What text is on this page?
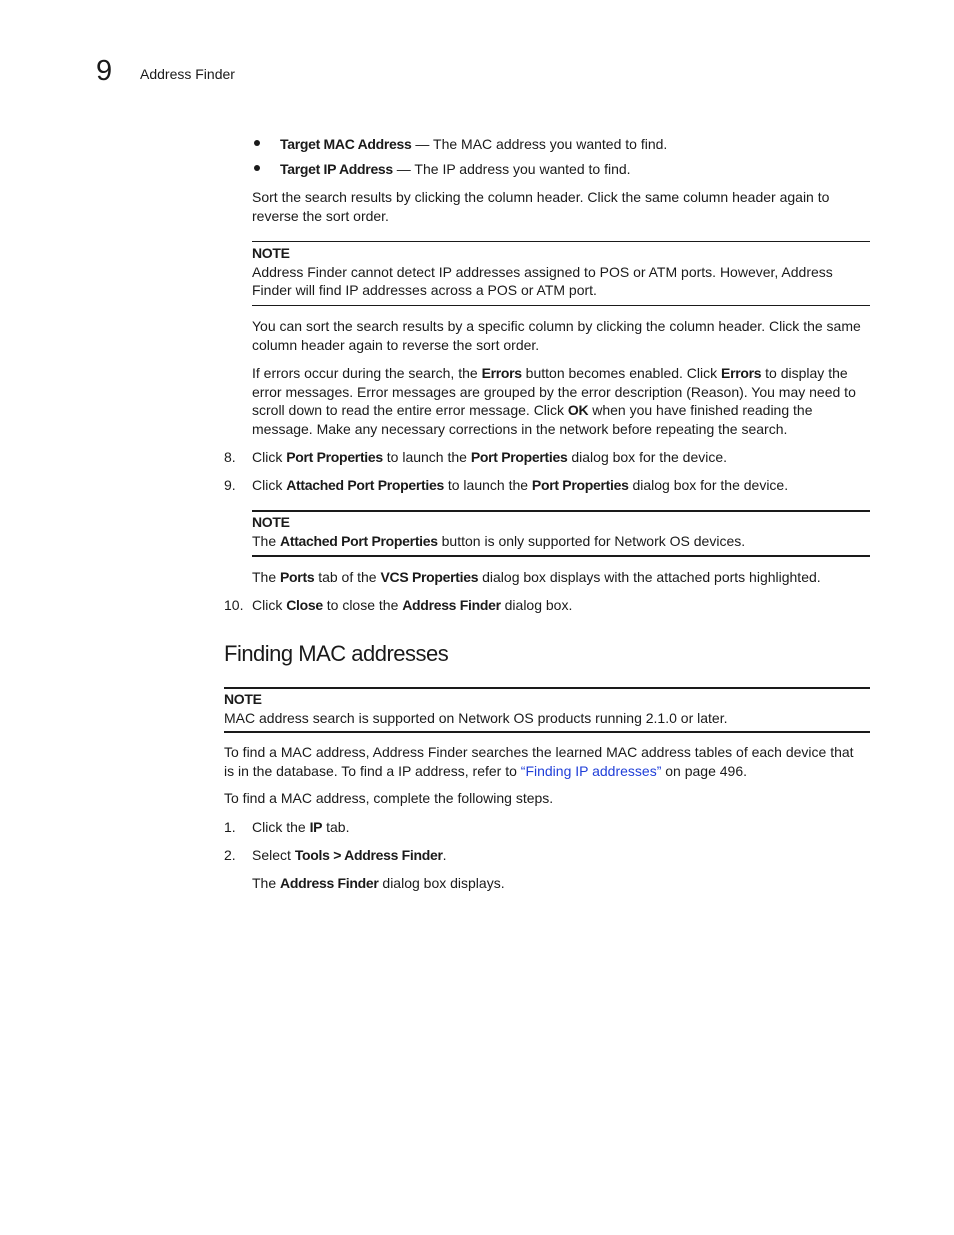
9 Address Finder
Target MAC Address — The MAC address you wanted to find.
Target IP Address — The IP address you wanted to find.
Sort the search results by clicking the column header. Click the same column header again to reverse the sort order.
NOTE
Address Finder cannot detect IP addresses assigned to POS or ATM ports. However, Address Finder will find IP addresses across a POS or ATM port.
You can sort the search results by a specific column by clicking the column header. Click the same column header again to reverse the sort order.
If errors occur during the search, the Errors button becomes enabled. Click Errors to display the error messages. Error messages are grouped by the error description (Reason). You may need to scroll down to read the entire error message. Click OK when you have finished reading the message. Make any necessary corrections in the network before repeating the search.
8. Click Port Properties to launch the Port Properties dialog box for the device.
9. Click Attached Port Properties to launch the Port Properties dialog box for the device.
NOTE
The Attached Port Properties button is only supported for Network OS devices.
The Ports tab of the VCS Properties dialog box displays with the attached ports highlighted.
10. Click Close to close the Address Finder dialog box.
Finding MAC addresses
NOTE
MAC address search is supported on Network OS products running 2.1.0 or later.
To find a MAC address, Address Finder searches the learned MAC address tables of each device that is in the database. To find a IP address, refer to “Finding IP addresses” on page 496.
To find a MAC address, complete the following steps.
1. Click the IP tab.
2. Select Tools > Address Finder.
The Address Finder dialog box displays.
